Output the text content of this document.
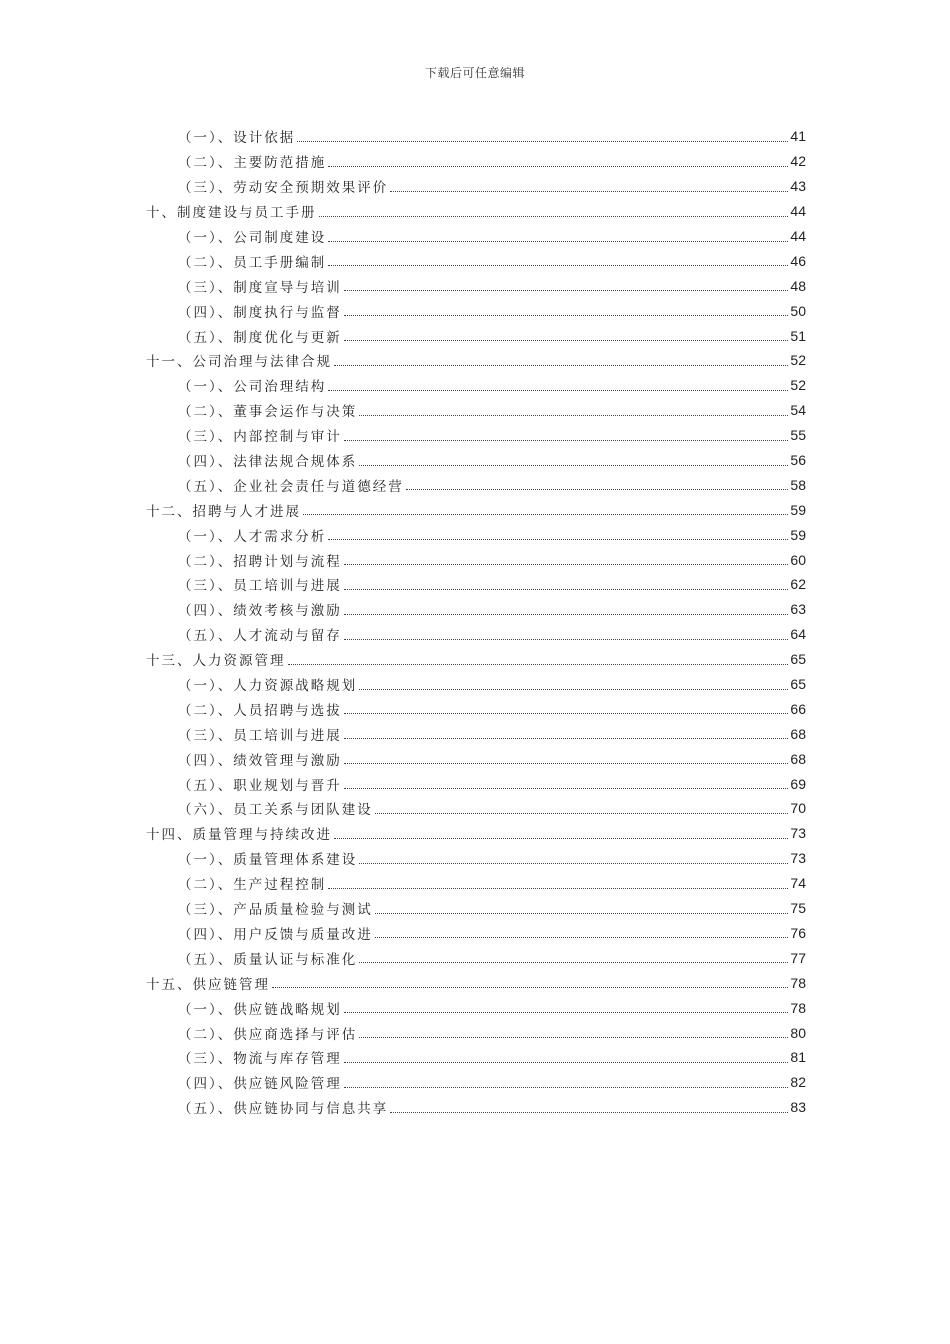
下载后可任意编辑
（一）、设计依据	41
（二）、主要防范措施	42
（三）、劳动安全预期效果评价	43
十、制度建设与员工手册	44
（一）、公司制度建设	44
（二）、员工手册编制	46
（三）、制度宣导与培训	48
（四）、制度执行与监督	50
（五）、制度优化与更新	51
十一、公司治理与法律合规	52
（一）、公司治理结构	52
（二）、董事会运作与决策	54
（三）、内部控制与审计	55
（四）、法律法规合规体系	56
（五）、企业社会责任与道德经营	58
十二、招聘与人才进展	59
（一）、人才需求分析	59
（二）、招聘计划与流程	60
（三）、员工培训与进展	62
（四）、绩效考核与激励	63
（五）、人才流动与留存	64
十三、人力资源管理	65
（一）、人力资源战略规划	65
（二）、人员招聘与选拔	66
（三）、员工培训与进展	68
（四）、绩效管理与激励	68
（五）、职业规划与晋升	69
（六）、员工关系与团队建设	70
十四、质量管理与持续改进	73
（一）、质量管理体系建设	73
（二）、生产过程控制	74
（三）、产品质量检验与测试	75
（四）、用户反馈与质量改进	76
（五）、质量认证与标准化	77
十五、供应链管理	78
（一）、供应链战略规划	78
（二）、供应商选择与评估	80
（三）、物流与库存管理	81
（四）、供应链风险管理	82
（五）、供应链协同与信息共享	83
